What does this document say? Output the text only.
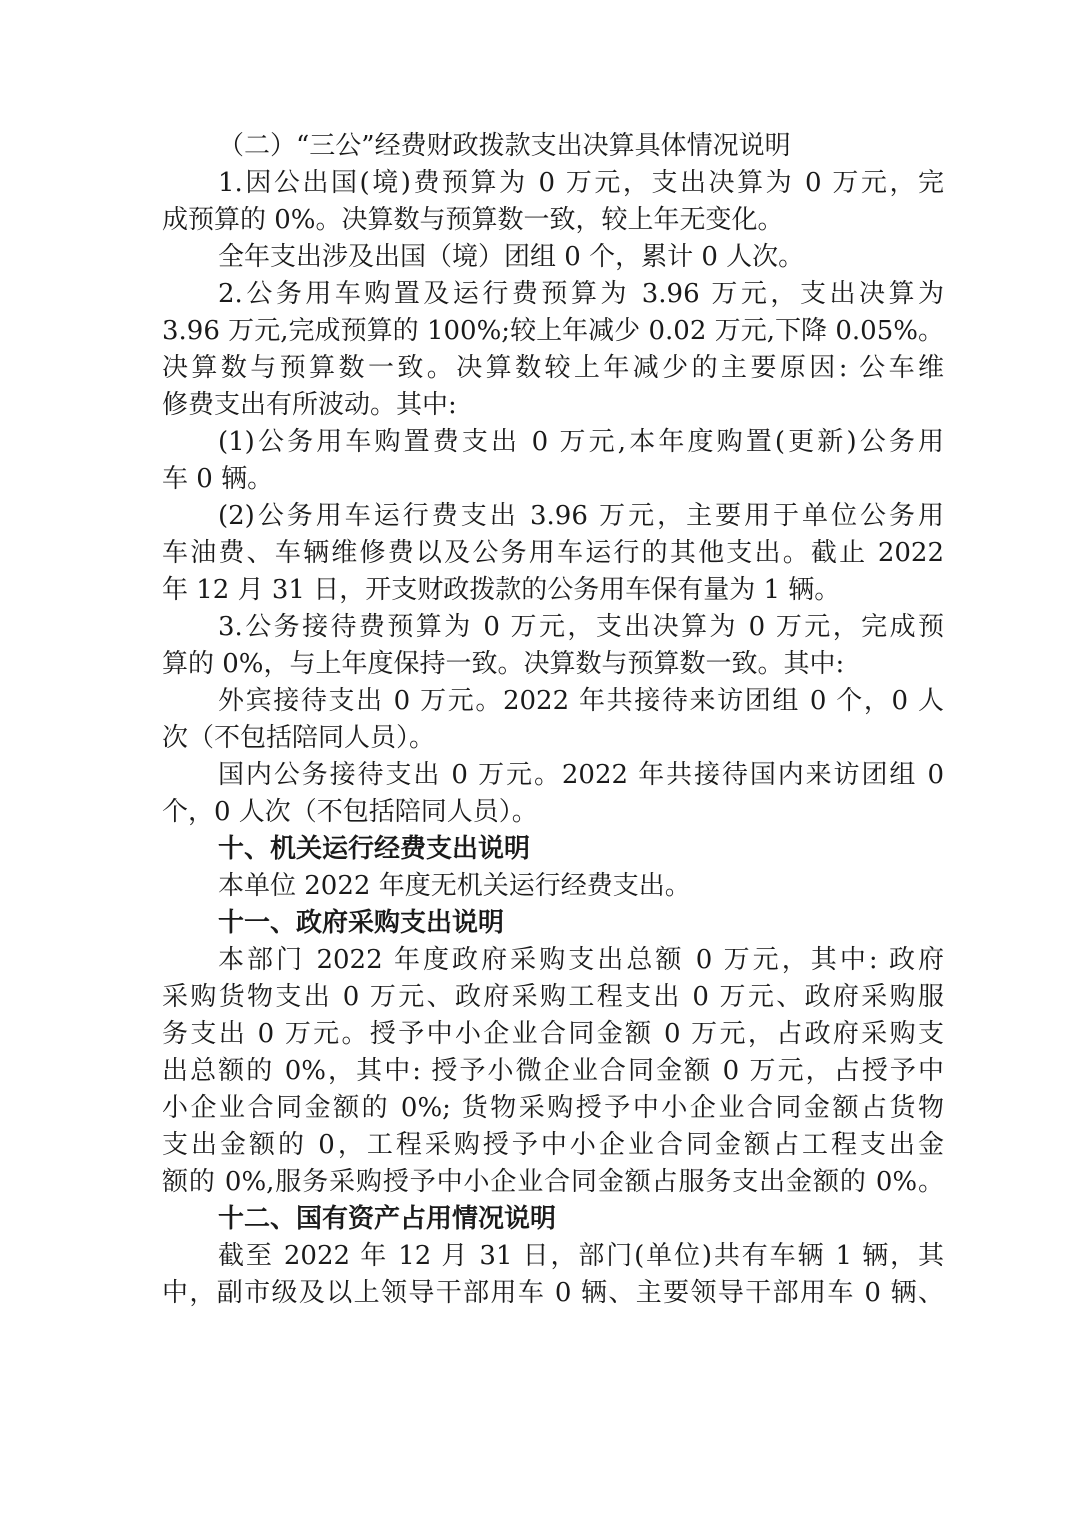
（二）“三公”经费财政拨款支出决算具体情况说明
1.因公出国(境)费预算为 0 万元，支出决算为 0 万元，完
成预算的 0%。决算数与预算数一致，较上年无变化。
全年支出涉及出国（境）团组 0 个，累计 0 人次。
2.公务用车购置及运行费预算为 3.96 万元，支出决算为
3.96 万元,完成预算的 100%;较上年减少 0.02 万元,下降 0.05%。
决算数与预算数一致。决算数较上年减少的主要原因: 公车维
修费支出有所波动。其中:
(1)公务用车购置费支出 0 万元,本年度购置(更新)公务用
车 0 辆。
(2)公务用车运行费支出 3.96 万元，主要用于单位公务用
车油费、车辆维修费以及公务用车运行的其他支出。截止 2022
年 12 月 31 日，开支财政拨款的公务用车保有量为 1 辆。
3.公务接待费预算为 0 万元，支出决算为 0 万元，完成预
算的 0%，与上年度保持一致。决算数与预算数一致。其中:
外宾接待支出 0 万元。2022 年共接待来访团组 0 个，0 人
次（不包括陪同人员）。
国内公务接待支出 0 万元。2022 年共接待国内来访团组 0
个，0 人次（不包括陪同人员）。
十、机关运行经费支出说明
本单位 2022 年度无机关运行经费支出。
十一、政府采购支出说明
本部门 2022 年度政府采购支出总额 0 万元，其中: 政府
采购货物支出 0 万元、政府采购工程支出 0 万元、政府采购服
务支出 0 万元。授予中小企业合同金额 0 万元，占政府采购支
出总额的 0%，其中: 授予小微企业合同金额 0 万元，占授予中
小企业合同金额的 0%; 货物采购授予中小企业合同金额占货物
支出金额的 0，工程采购授予中小企业合同金额占工程支出金
额的 0%,服务采购授予中小企业合同金额占服务支出金额的 0%。
十二、国有资产占用情况说明
截至 2022 年 12 月 31 日，部门(单位)共有车辆 1 辆，其
中，副市级及以上领导干部用车 0 辆、主要领导干部用车 0 辆、
